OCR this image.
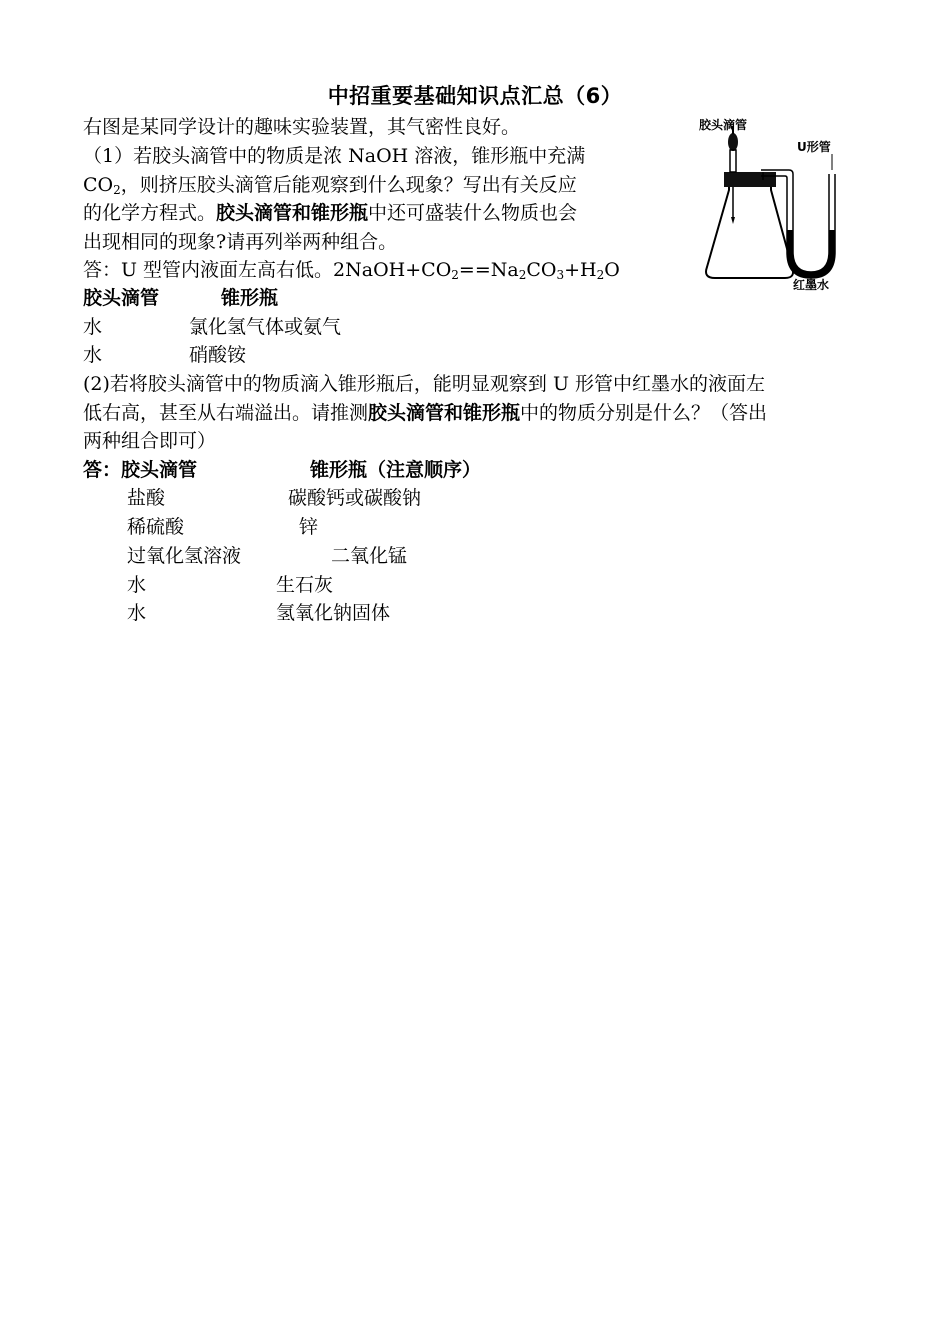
中招重要基础知识点汇总（6）
右图是某同学设计的趣味实验装置，其气密性良好。
（1）若胶头滴管中的物质是浓 NaOH 溶液，锥形瓶中充满
$CO_2$，则挤压胶头滴管后能观察到什么现象？写出有关反应
的化学方程式。胶头滴管和锥形瓶中还可盛装什么物质也会
出现相同的现象?请再列举两种组合。
答：U 型管内液面左高右低。$2NaOH+CO_2==Na_2CO_3+H_2O$
胶头滴管	锥形瓶
水	氯化氢气体或氨气
水	硝酸铵
(2)若将胶头滴管中的物质滴入锥形瓶后，能明显观察到 U 形管中红墨水的液面左
低右高，甚至从右端溢出。请推测胶头滴管和锥形瓶中的物质分别是什么？（答出
两种组合即可）
答：胶头滴管	锥形瓶（注意顺序）
盐酸	碳酸钙或碳酸钠
稀硫酸	锌
过氧化氢溶液	二氧化锰
水	生石灰
水	氢氧化钠固体
胶头滴管
U形管
红墨水
